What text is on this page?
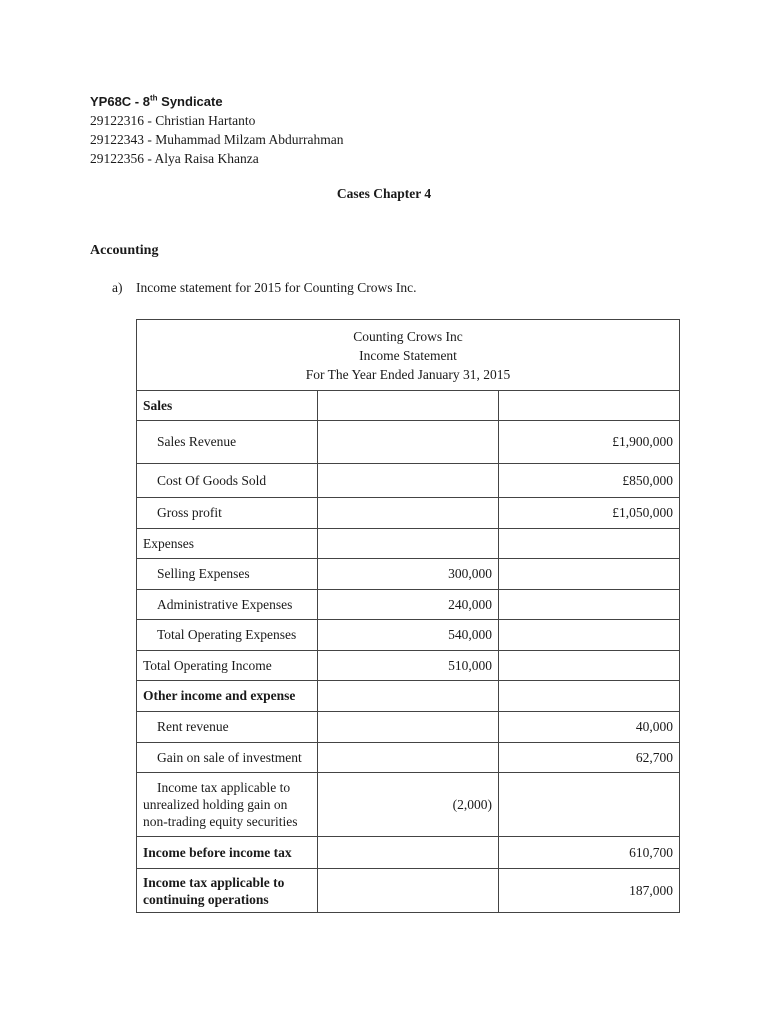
YP68C - 8th Syndicate
29122316 - Christian Hartanto
29122343 - Muhammad Milzam Abdurrahman
29122356 - Alya Raisa Khanza
Cases Chapter 4
Accounting
a) Income statement for 2015 for Counting Crows Inc.
Counting Crows Inc
Income Statement
For The Year Ended January 31, 2015		

Sales		
Sales Revenue		£1,900,000
Cost Of Goods Sold		£850,000
Gross profit		£1,050,000
Expenses		
Selling Expenses	300,000	
Administrative Expenses	240,000	
Total Operating Expenses	540,000	
Total Operating Income	510,000	
Other income and expense		
Rent revenue		40,000
Gain on sale of investment		62,700

Income tax applicable to unrealized holding gain on non-trading equity securities	(2,000)	
Income before income tax		610,700
Income tax applicable to continuing operations		187,000
